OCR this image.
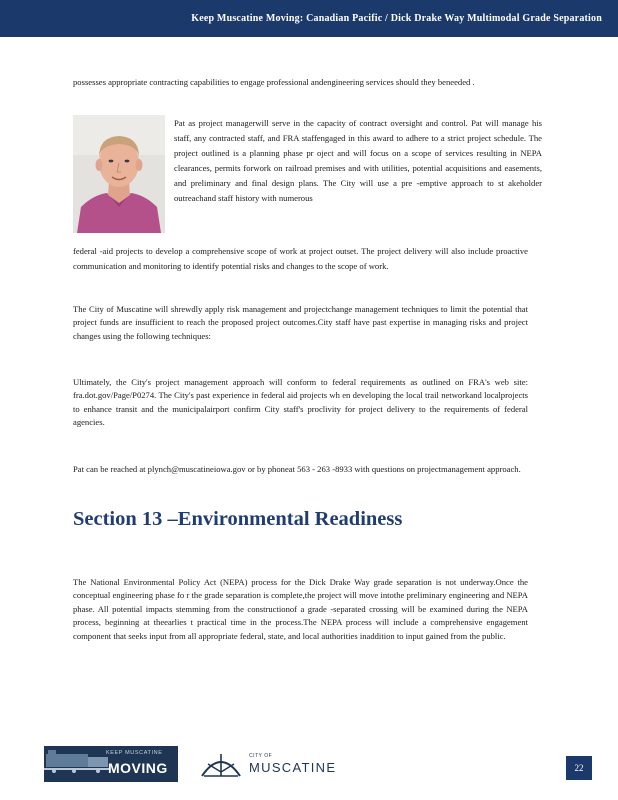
Keep Muscatine Moving: Canadian Pacific / Dick Drake Way Multimodal Grade Separation

possesses appropriate contracting capabilities to engage professional andengineering services should they beneeded .

Pat as project managerwill serve in the capacity of contract oversight and control. Pat will manage his staff, any contracted staff, and FRA staffengaged in this award to adhere to a strict project schedule. The project outlined is a planning phase pr oject and will focus on a scope of services resulting in NEPA clearances, permits forwork on railroad premises and with utilities, potential acquisitions and easements, and preliminary and final design plans. The City will use a pre -emptive approach to st akeholder outreachand staff history with numerous

federal -aid projects to develop a comprehensive scope of work at project outset. The project delivery will also include proactive communication and monitoring to identify potential risks and changes to the scope of work.

The City of Muscatine will shrewdly apply risk management and projectchange management techniques to limit the potential that project funds are insufficient to reach the proposed project outcomes.City staff have past expertise in managing risks and project changes using the following techniques:

Ultimately, the City's project management approach will conform to federal requirements as outlined on FRA's web site: fra.dot.gov/Page/P0274. The City's past experience in federal aid projects wh en developing the local trail networkand localprojects to enhance transit and the municipalairport confirm City staff's proclivity for project delivery to the requirements of federal agencies.

Pat can be reached at plynch@muscatineiowa.gov or by phoneat 563 - 263 -8933 with questions on projectmanagement approach.

Section 13 –Environmental Readiness

The National Environmental Policy Act (NEPA) process for the Dick Drake Way grade separation is not underway.Once the conceptual engineering phase fo r the grade separation is complete,the project will move intothe preliminary engineering and NEPA phase. All potential impacts stemming from the constructionof a grade -separated crossing will be examined during the NEPA process, beginning at theearlies t practical time in the process.The NEPA process will include a comprehensive engagement component that seeks input from all appropriate federal, state, and local authorities inaddition to input gained from the public.

KEEP MUSCATINE
MOVING
CITY OF
MUSCATINE	22
